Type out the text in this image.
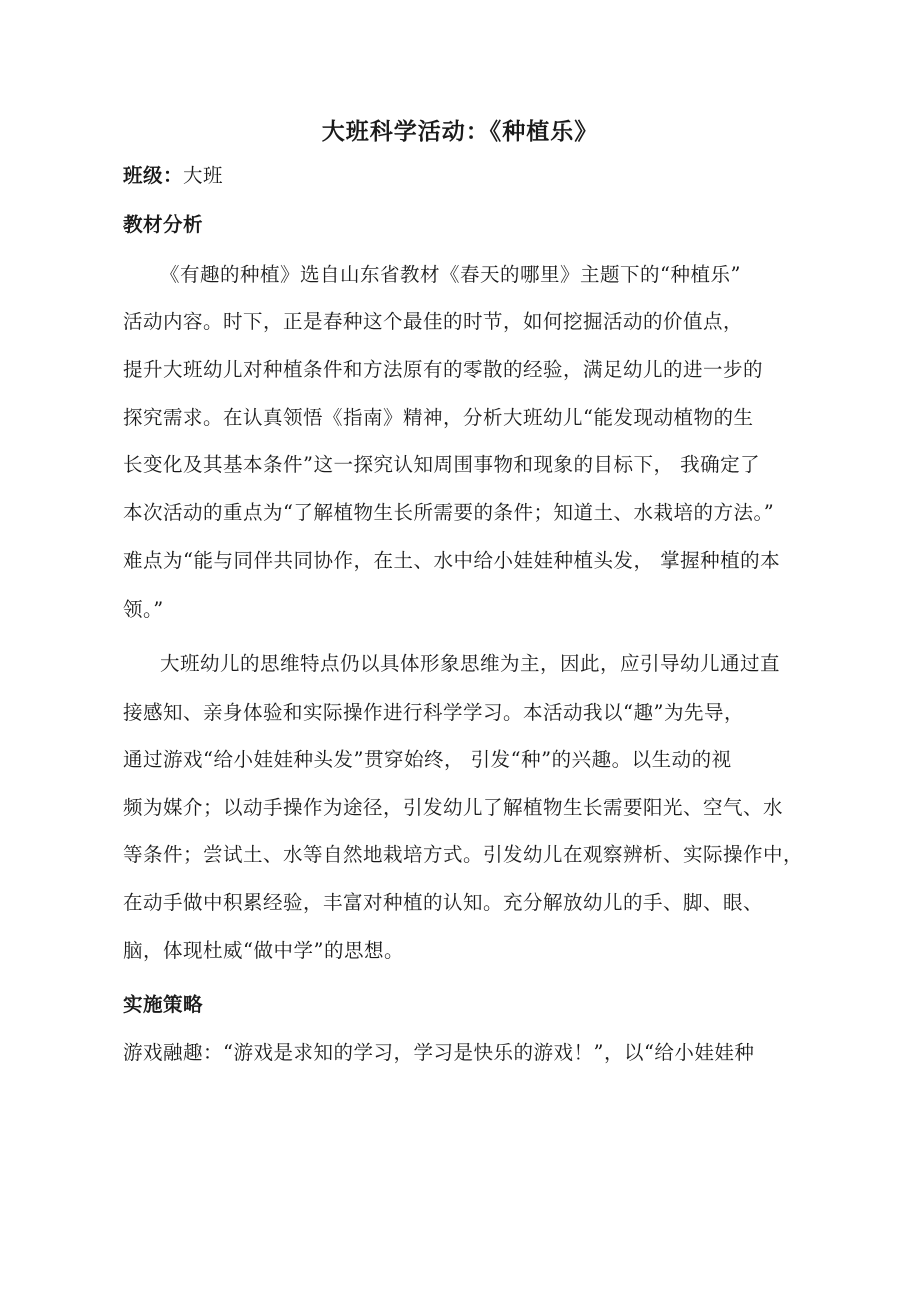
大班科学活动：《种植乐》

班级：大班

教材分析

《有趣的种植》选自山东省教材《春天的哪里》主题下的“种植乐”

活动内容。时下，正是春种这个最佳的时节，如何挖掘活动的价值点，

提升大班幼儿对种植条件和方法原有的零散的经验，满足幼儿的进一步的

探究需求。在认真领悟《指南》精神，分析大班幼儿“能发现动植物的生

长变化及其基本条件”这一探究认知周围事物和现象的目标下， 我确定了

本次活动的重点为“了解植物生长所需要的条件；知道土、水栽培的方法。”

难点为“能与同伴共同协作，在土、水中给小娃娃种植头发， 掌握种植的本

领。”

大班幼儿的思维特点仍以具体形象思维为主，因此，应引导幼儿通过直

接感知、亲身体验和实际操作进行科学学习。本活动我以“趣”为先导，

通过游戏“给小娃娃种头发”贯穿始终， 引发“种”的兴趣。以生动的视

频为媒介；以动手操作为途径，引发幼儿了解植物生长需要阳光、空气、水

等条件；尝试土、水等自然地栽培方式。引发幼儿在观察辨析、实际操作中，

在动手做中积累经验，丰富对种植的认知。充分解放幼儿的手、脚、眼、

脑，体现杜威“做中学”的思想。

实施策略

游戏融趣：“游戏是求知的学习，学习是快乐的游戏！”，以“给小娃娃种
